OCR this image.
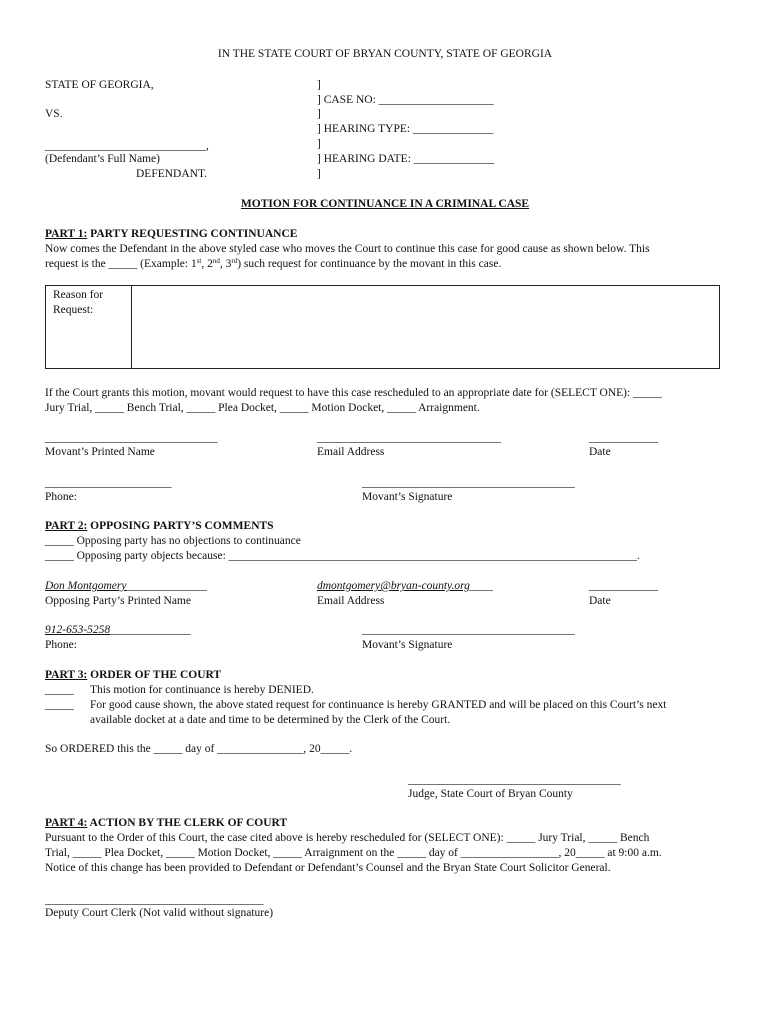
IN THE STATE COURT OF BRYAN COUNTY, STATE OF GEORGIA
STATE OF GEORGIA,
VS.
____________________________,
(Defendant’s Full Name)
DEFENDANT.
]
] CASE NO: ____________________
]
] HEARING TYPE: ______________
]
] HEARING DATE: ______________
]
MOTION FOR CONTINUANCE IN A CRIMINAL CASE
PART 1: PARTY REQUESTING CONTINUANCE
Now comes the Defendant in the above styled case who moves the Court to continue this case for good cause as shown below. This
request is the _____ (Example: 1st, 2nd, 3rd) such request for continuance by the movant in this case.
Reason for Request:
If the Court grants this motion, movant would request to have this case rescheduled to an appropriate date for (SELECT ONE): _____
Jury Trial, _____ Bench Trial, _____ Plea Docket, _____ Motion Docket, _____ Arraignment.
______________________________
Movant’s Printed Name
________________________________
Email Address
____________
Date
______________________
Phone:
_____________________________________
Movant’s Signature
PART 2: OPPOSING PARTY’S COMMENTS
_____ Opposing party has no objections to continuance
_____ Opposing party objects because: _______________________________________________________________________.
Don Montgomery______________
Opposing Party’s Printed Name
dmontgomery@bryan-county.org____
Email Address
____________
Date
912-653-5258______________
Phone:
_____________________________________
Movant’s Signature
PART 3: ORDER OF THE COURT
_____ This motion for continuance is hereby DENIED.
_____ For good cause shown, the above stated request for continuance is hereby GRANTED and will be placed on this Court’s next
available docket at a date and time to be determined by the Clerk of the Court.
So ORDERED this the _____ day of _______________, 20_____.
_____________________________________
Judge, State Court of Bryan County
PART 4: ACTION BY THE CLERK OF COURT
Pursuant to the Order of this Court, the case cited above is hereby rescheduled for (SELECT ONE): _____ Jury Trial, _____ Bench
Trial, _____ Plea Docket, _____ Motion Docket, _____ Arraignment on the _____ day of _________________, 20_____ at 9:00 a.m.
Notice of this change has been provided to Defendant or Defendant’s Counsel and the Bryan State Court Solicitor General.
______________________________________
Deputy Court Clerk (Not valid without signature)
